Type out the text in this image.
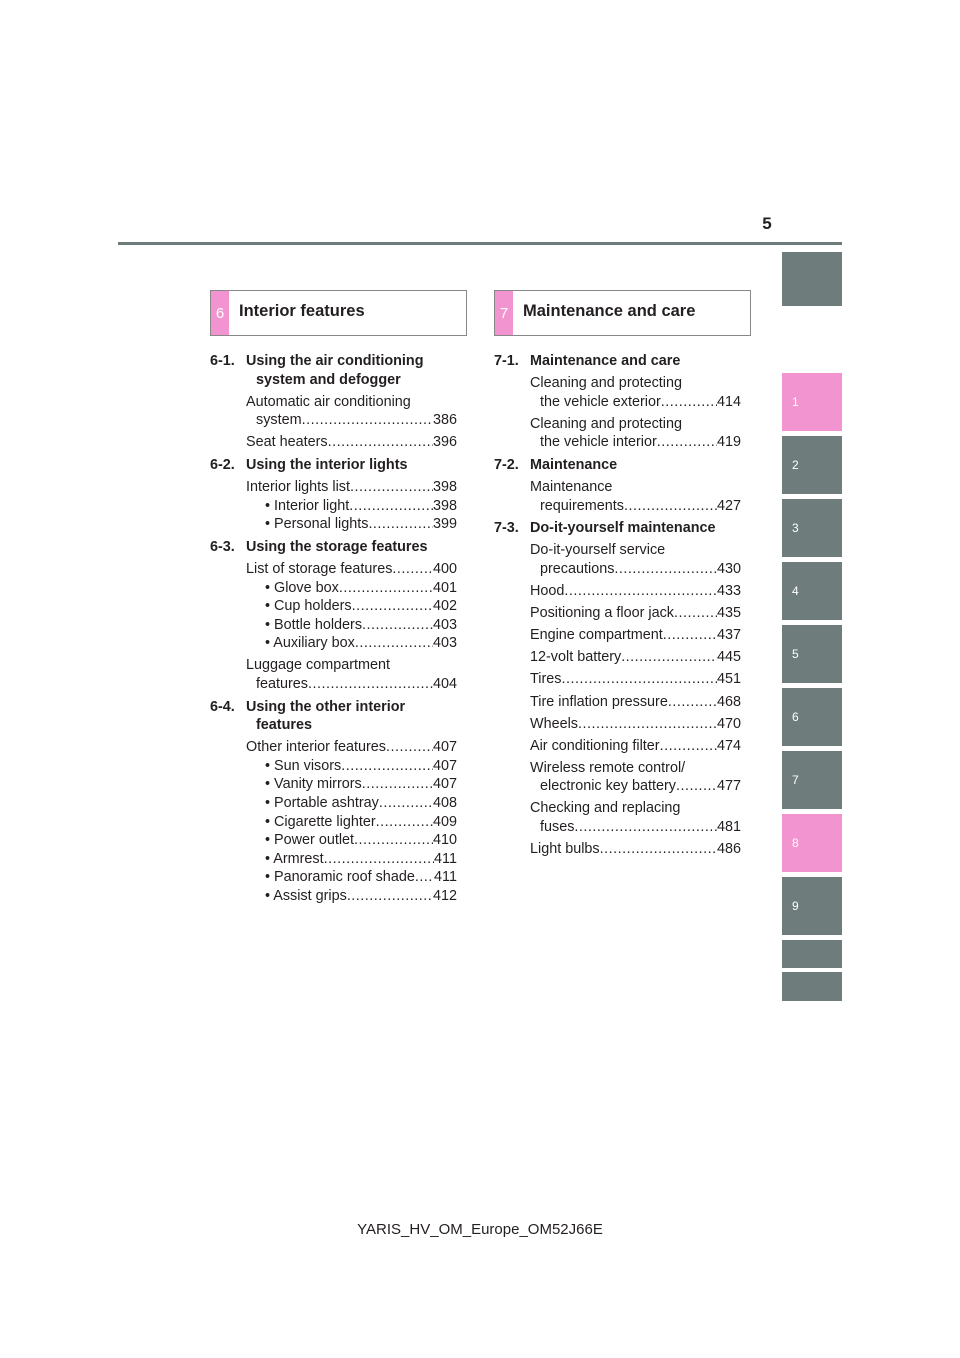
5
1
2
3
4
5
6
7
8
9
6 Interior features	7 Maintenance and care
6-1. Using the air conditioning system and defogger
Automatic air conditioning
system .....	386
Seat heaters .....	396
6-2. Using the interior lights
Interior lights list .....	398
• Interior light .....	398
• Personal lights .....	399
6-3. Using the storage features
List of storage features .....	400
• Glove box .....	401
• Cup holders .....	402
• Bottle holders .....	403
• Auxiliary box .....	403
Luggage compartment
features .....	404
6-4. Using the other interior features
Other interior features .....	407
• Sun visors .....	407
• Vanity mirrors .....	407
• Portable ashtray .....	408
• Cigarette lighter .....	409
• Power outlet .....	410
• Armrest .....	411
• Panoramic roof shade ..... 411
• Assist grips .....	412
7-1. Maintenance and care
Cleaning and protecting
the vehicle exterior .....	414
Cleaning and protecting
the vehicle interior .....	419
7-2. Maintenance
Maintenance
requirements .....	427
7-3. Do-it-yourself maintenance
Do-it-yourself service
precautions .....	430
Hood .....	433
Positioning a floor jack .....	435
Engine compartment .....	437
12-volt battery .....	445
Tires .....	451
Tire inflation pressure .....	468
Wheels .....	470
Air conditioning filter .....	474
Wireless remote control/
electronic key battery .....	477
Checking and replacing
fuses .....	481
Light bulbs .....	486
YARIS_HV_OM_Europe_OM52J66E
